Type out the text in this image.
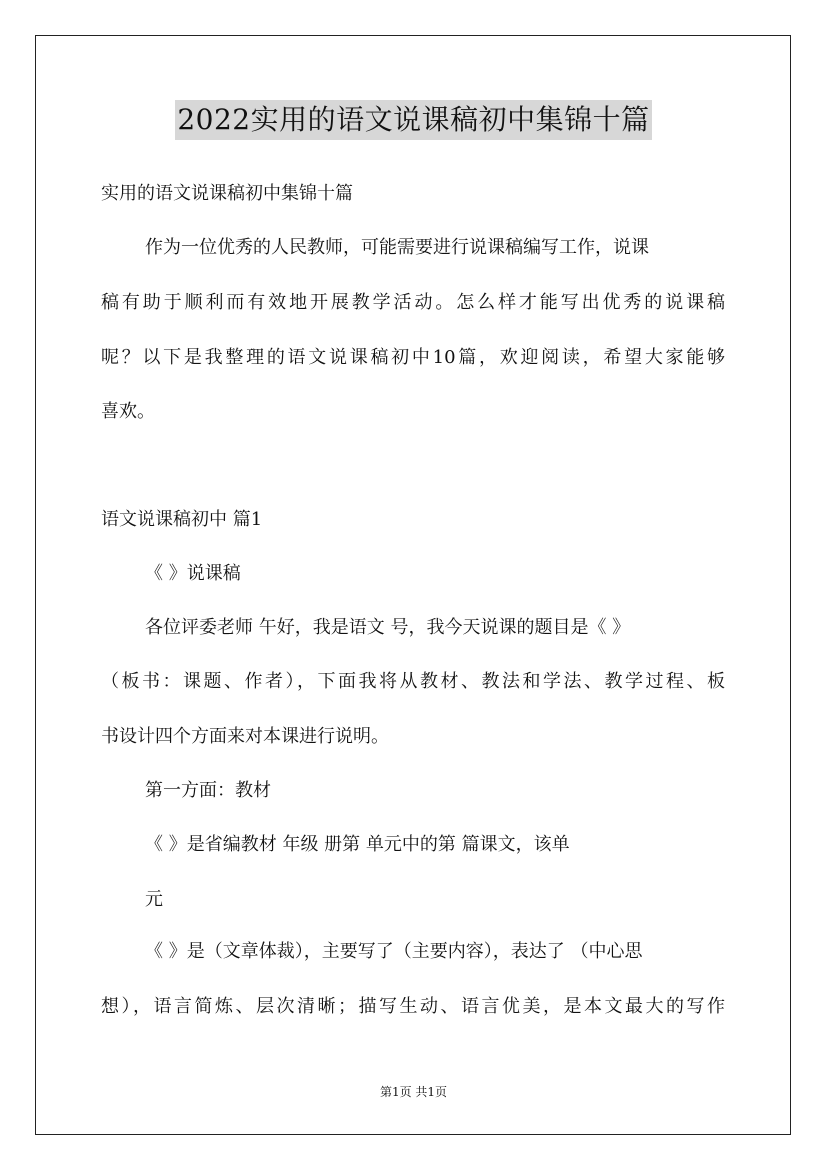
2022实用的语文说课稿初中集锦十篇
实用的语文说课稿初中集锦十篇
作为一位优秀的人民教师，可能需要进行说课稿编写工作，说课
稿有助于顺利而有效地开展教学活动。怎么样才能写出优秀的说课稿
呢？以下是我整理的语文说课稿初中10篇，欢迎阅读，希望大家能够
喜欢。
语文说课稿初中 篇1
《 》说课稿
各位评委老师 午好，我是语文 号，我今天说课的题目是《 》
（板书：课题、作者），下面我将从教材、教法和学法、教学过程、板
书设计四个方面来对本课进行说明。
第一方面：教材
《 》是省编教材 年级 册第 单元中的第 篇课文，该单
元
《 》是（文章体裁），主要写了（主要内容），表达了 （中心思
想），语言简炼、层次清晰；描写生动、语言优美，是本文最大的写作
第1页 共1页
